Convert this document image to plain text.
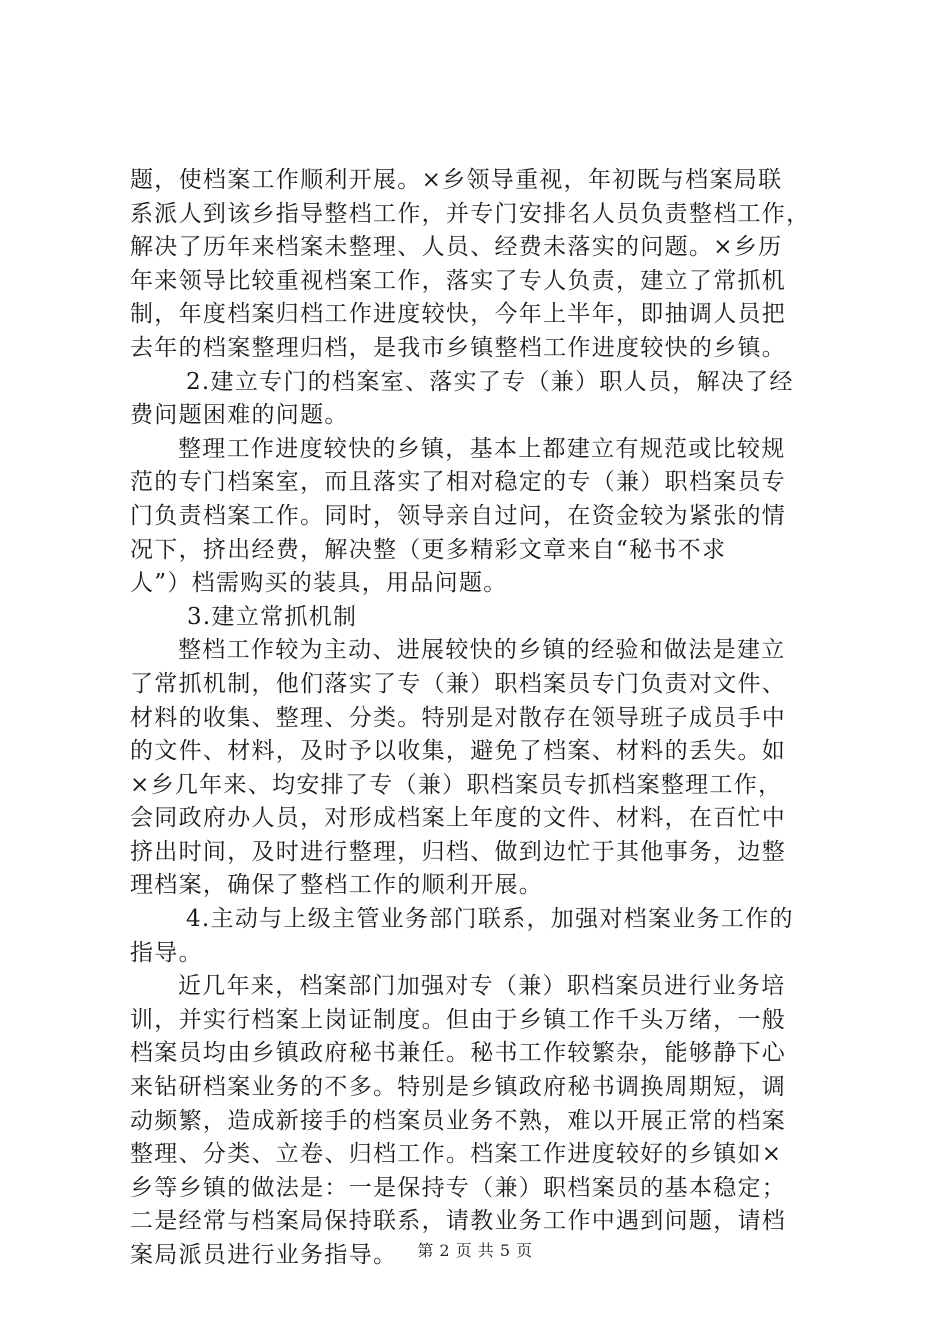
题，使档案工作顺利开展。×乡领导重视，年初既与档案局联
系派人到该乡指导整档工作，并专门安排名人员负责整档工作，
解决了历年来档案未整理、人员、经费未落实的问题。×乡历
年来领导比较重视档案工作，落实了专人负责，建立了常抓机
制，年度档案归档工作进度较快，今年上半年，即抽调人员把
去年的档案整理归档，是我市乡镇整档工作进度较快的乡镇。
2.建立专门的档案室、落实了专（兼）职人员，解决了经
费问题困难的问题。
整理工作进度较快的乡镇，基本上都建立有规范或比较规
范的专门档案室，而且落实了相对稳定的专（兼）职档案员专
门负责档案工作。同时，领导亲自过问，在资金较为紧张的情
况下，挤出经费，解决整（更多精彩文章来自“秘书不求
人”）档需购买的装具，用品问题。
3.建立常抓机制
整档工作较为主动、进展较快的乡镇的经验和做法是建立
了常抓机制，他们落实了专（兼）职档案员专门负责对文件、
材料的收集、整理、分类。特别是对散存在领导班子成员手中
的文件、材料，及时予以收集，避免了档案、材料的丢失。如
×乡几年来、均安排了专（兼）职档案员专抓档案整理工作，
会同政府办人员，对形成档案上年度的文件、材料，在百忙中
挤出时间，及时进行整理，归档、做到边忙于其他事务，边整
理档案，确保了整档工作的顺利开展。
4.主动与上级主管业务部门联系，加强对档案业务工作的
指导。
近几年来，档案部门加强对专（兼）职档案员进行业务培
训，并实行档案上岗证制度。但由于乡镇工作千头万绪，一般
档案员均由乡镇政府秘书兼任。秘书工作较繁杂，能够静下心
来钻研档案业务的不多。特别是乡镇政府秘书调换周期短，调
动频繁，造成新接手的档案员业务不熟，难以开展正常的档案
整理、分类、立卷、归档工作。档案工作进度较好的乡镇如×
乡等乡镇的做法是：一是保持专（兼）职档案员的基本稳定；
二是经常与档案局保持联系，请教业务工作中遇到问题，请档
案局派员进行业务指导。	第 2 页 共 5 页
